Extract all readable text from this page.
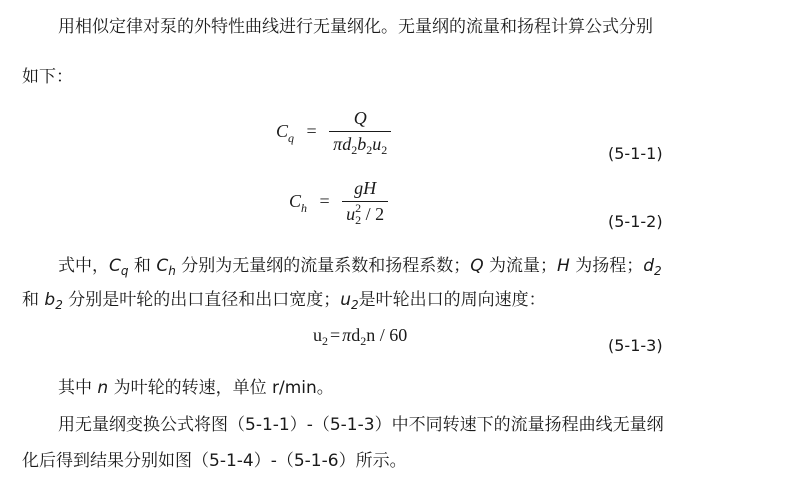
用相似定律对泵的外特性曲线进行无量纲化。无量纲的流量和扬程计算公式分别
如下：
$C_q = \frac{Q}{\pi d_2b_2u_2}$	(5-1-1)
$C_h = \frac{gH}{u_2^2 / 2}$	(5-1-2)
式中，$C_q$ 和 $C_h$ 分别为无量纲的流量系数和扬程系数；Q 为流量；H 为扬程；$d_2$
和 $b_2$ 分别是叶轮的出口直径和出口宽度；$u_2$是叶轮出口的周向速度：
$u_2 = \pi d_2n / 60$
(5-1-3)
其中 n 为叶轮的转速，单位 r/min。
用无量纲变换公式将图（5-1-1）-（5-1-3）中不同转速下的流量扬程曲线无量纲
化后得到结果分别如图（5-1-4）-（5-1-6）所示。
